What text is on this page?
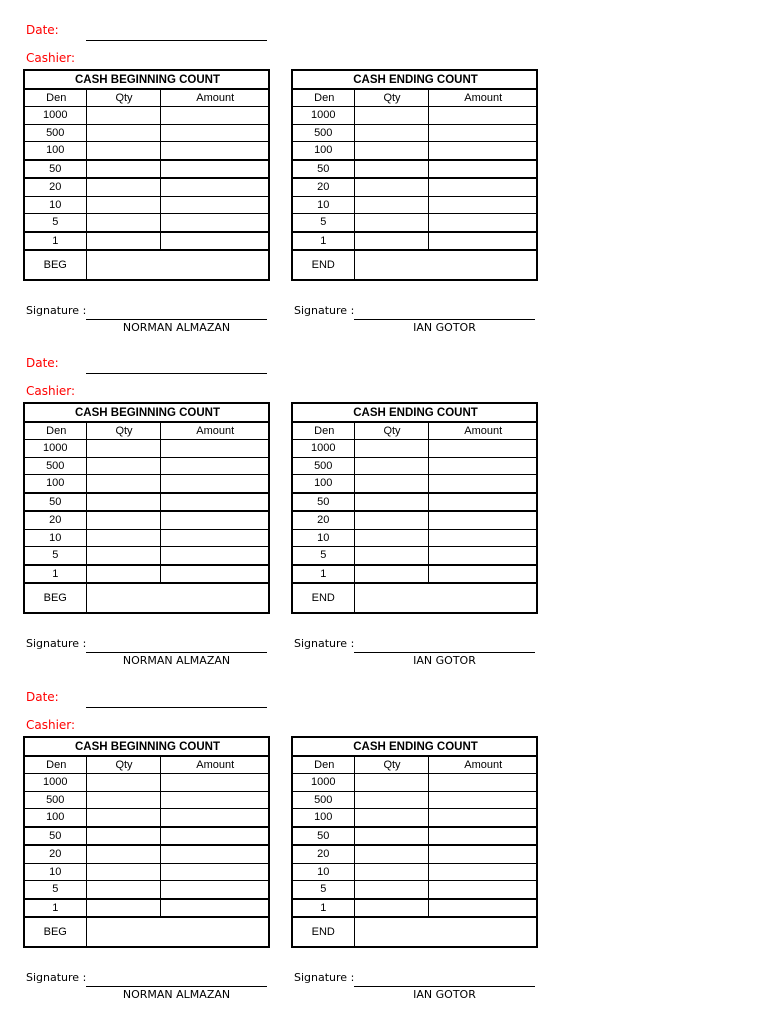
Date:
Cashier:
CASH BEGINNING COUNT		
Den	Qty	Amount
1000		
500		
100		
50		
20		
10		
5		
1		
BEG		
CASH ENDING COUNT		
Den	Qty	Amount
1000		
500		
100		
50		
20		
10		
5		
1		
END		
Signature :
NORMAN ALMAZAN
Signature :
IAN GOTOR
Date:
Cashier:
CASH BEGINNING COUNT		
Den	Qty	Amount
1000		
500		
100		
50		
20		
10		
5		
1		
BEG		
CASH ENDING COUNT		
Den	Qty	Amount
1000		
500		
100		
50		
20		
10		
5		
1		
END		
Signature :
NORMAN ALMAZAN
Signature :
IAN GOTOR
Date:
Cashier:
CASH BEGINNING COUNT		
Den	Qty	Amount
1000		
500		
100		
50		
20		
10		
5		
1		
BEG		
CASH ENDING COUNT		
Den	Qty	Amount
1000		
500		
100		
50		
20		
10		
5		
1		
END		
Signature :
NORMAN ALMAZAN
Signature :
IAN GOTOR
